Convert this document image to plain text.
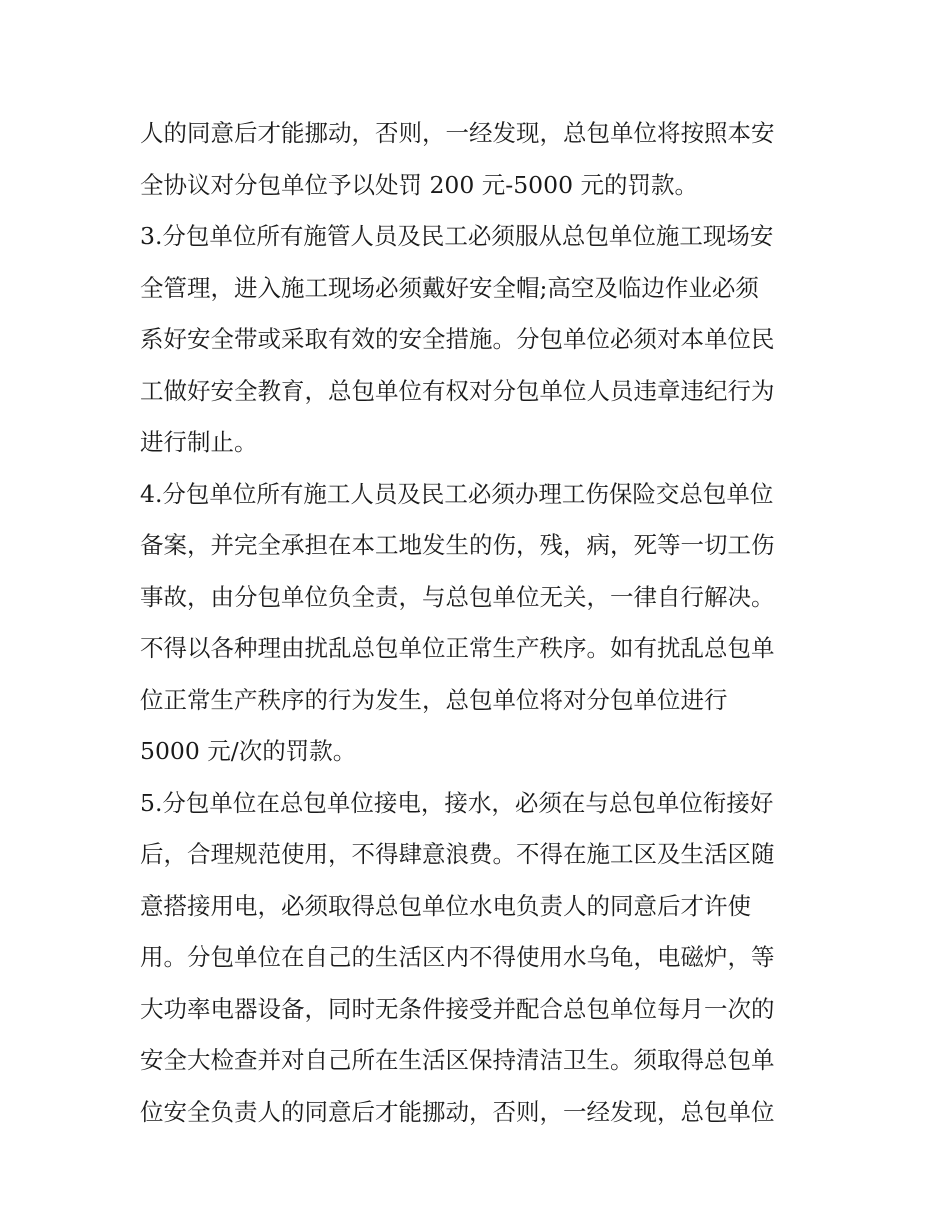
人的同意后才能挪动，否则，一经发现，总包单位将按照本安
全协议对分包单位予以处罚 200 元-5000 元的罚款。
3.分包单位所有施管人员及民工必须服从总包单位施工现场安
全管理，进入施工现场必须戴好安全帽;高空及临边作业必须
系好安全带或采取有效的安全措施。分包单位必须对本单位民
工做好安全教育，总包单位有权对分包单位人员违章违纪行为
进行制止。
4.分包单位所有施工人员及民工必须办理工伤保险交总包单位
备案，并完全承担在本工地发生的伤，残，病，死等一切工伤
事故，由分包单位负全责，与总包单位无关，一律自行解决。
不得以各种理由扰乱总包单位正常生产秩序。如有扰乱总包单
位正常生产秩序的行为发生，总包单位将对分包单位进行
5000 元/次的罚款。
5.分包单位在总包单位接电，接水，必须在与总包单位衔接好
后，合理规范使用，不得肆意浪费。不得在施工区及生活区随
意搭接用电，必须取得总包单位水电负责人的同意后才许使
用。分包单位在自己的生活区内不得使用水乌龟，电磁炉，等
大功率电器设备，同时无条件接受并配合总包单位每月一次的
安全大检查并对自己所在生活区保持清洁卫生。须取得总包单
位安全负责人的同意后才能挪动，否则，一经发现，总包单位
